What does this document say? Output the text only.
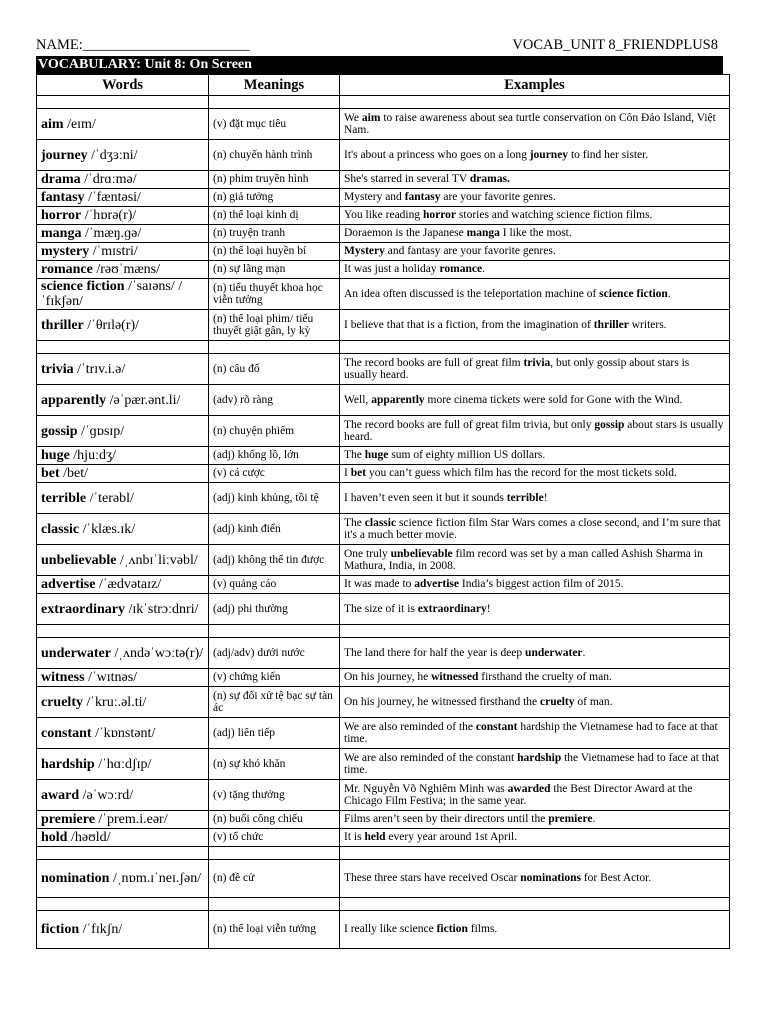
NAME:_______________________	VOCAB_UNIT 8_FRIENDPLUS8
VOCABULARY: Unit 8: On Screen
Words	Meanings	Examples

aim /eɪm/	(v) đặt mục tiêu	We aim to raise awareness about sea turtle conservation on Côn Đảo Island, Việt Nam.
journey /ˈdʒɜːni/	(n) chuyến hành trình	It's about a princess who goes on a long journey to find her sister.
drama /ˈdrɑːmə/	(n) phim truyền hình	She's starred in several TV dramas.
fantasy /ˈfæntəsi/	(n) giả tưởng	Mystery and fantasy are your favorite genres.
horror /ˈhɒrə(r)/	(n) thể loại kinh dị	You like reading horror stories and watching science fiction films.
manga /ˈmæŋ.ɡə/	(n) truyện tranh	Doraemon is the Japanese manga I like the most.
mystery /ˈmɪstri/	(n) thể loại huyền bí	Mystery and fantasy are your favorite genres.
romance /rəʊˈmæns/	(n) sự lãng mạn	It was just a holiday romance.
science fiction /ˈsaɪəns/ /ˈfɪkʃən/	(n) tiểu thuyết khoa học viễn tưởng	An idea often discussed is the teleportation machine of science fiction.
thriller /ˈθrɪlə(r)/	(n) thể loại phim/ tiểu thuyết giật gân, ly kỳ	I believe that that is a fiction, from the imagination of thriller writers.

trivia /ˈtrɪv.i.ə/	(n) câu đố	The record books are full of great film trivia, but only gossip about stars is usually heard.
apparently /əˈpær.ənt.li/	(adv) rõ ràng	Well, apparently more cinema tickets were sold for Gone with the Wind.
gossip /ˈɡɒsɪp/	(n) chuyện phiếm	The record books are full of great film trivia, but only gossip about stars is usually heard.
huge /hjuːdʒ/	(adj) khổng lồ, lớn	The huge sum of eighty million US dollars.
bet /bet/	(v) cá cược	I bet you can’t guess which film has the record for the most tickets sold.
terrible /ˈterəbl/	(adj) kinh khủng, tồi tệ	I haven’t even seen it but it sounds terrible!
classic /ˈklæs.ɪk/	(adj) kinh điển	The classic science fiction film Star Wars comes a close second, and I’m sure that it's a much better movie.
unbelievable /ˌʌnbɪˈliːvəbl/	(adj) không thể tin được	One truly unbelievable film record was set by a man called Ashish Sharma in Mathura, India, in 2008.
advertise /ˈædvətaɪz/	(v) quảng cáo	It was made to advertise India’s biggest action film of 2015.
extraordinary /ɪkˈstrɔːdnri/	(adj) phi thường	The size of it is extraordinary!

underwater /ˌʌndəˈwɔːtə(r)/	(adj/adv) dưới nước	The land there for half the year is deep underwater.
witness /ˈwɪtnəs/	(v) chứng kiến	On his journey, he witnessed firsthand the cruelty of man.
cruelty /ˈkruː.əl.ti/	(n) sự đối xử tệ bạc sự tàn ác	On his journey, he witnessed firsthand the cruelty of man.
constant /ˈkɒnstənt/	(adj) liên tiếp	We are also reminded of the constant hardship the Vietnamese had to face at that time.
hardship /ˈhɑːdʃɪp/	(n) sự khó khăn	We are also reminded of the constant hardship the Vietnamese had to face at that time.
award /əˈwɔːrd/	(v) tặng thưởng	Mr. Nguyễn Võ Nghiêm Minh was awarded the Best Director Award at the Chicago Film Festiva; in the same year.
premiere /ˈprem.i.eər/	(n) buổi công chiếu	Films aren’t seen by their directors until the premiere.
hold /həʊld/	(v) tổ chức	It is held every year around 1st April.

nomination /ˌnɒm.ɪˈneɪ.ʃən/	(n) đề cử	These three stars have received Oscar nominations for Best Actor.

fiction /ˈfɪkʃn/	(n) thể loại viễn tưởng	I really like science fiction films.
